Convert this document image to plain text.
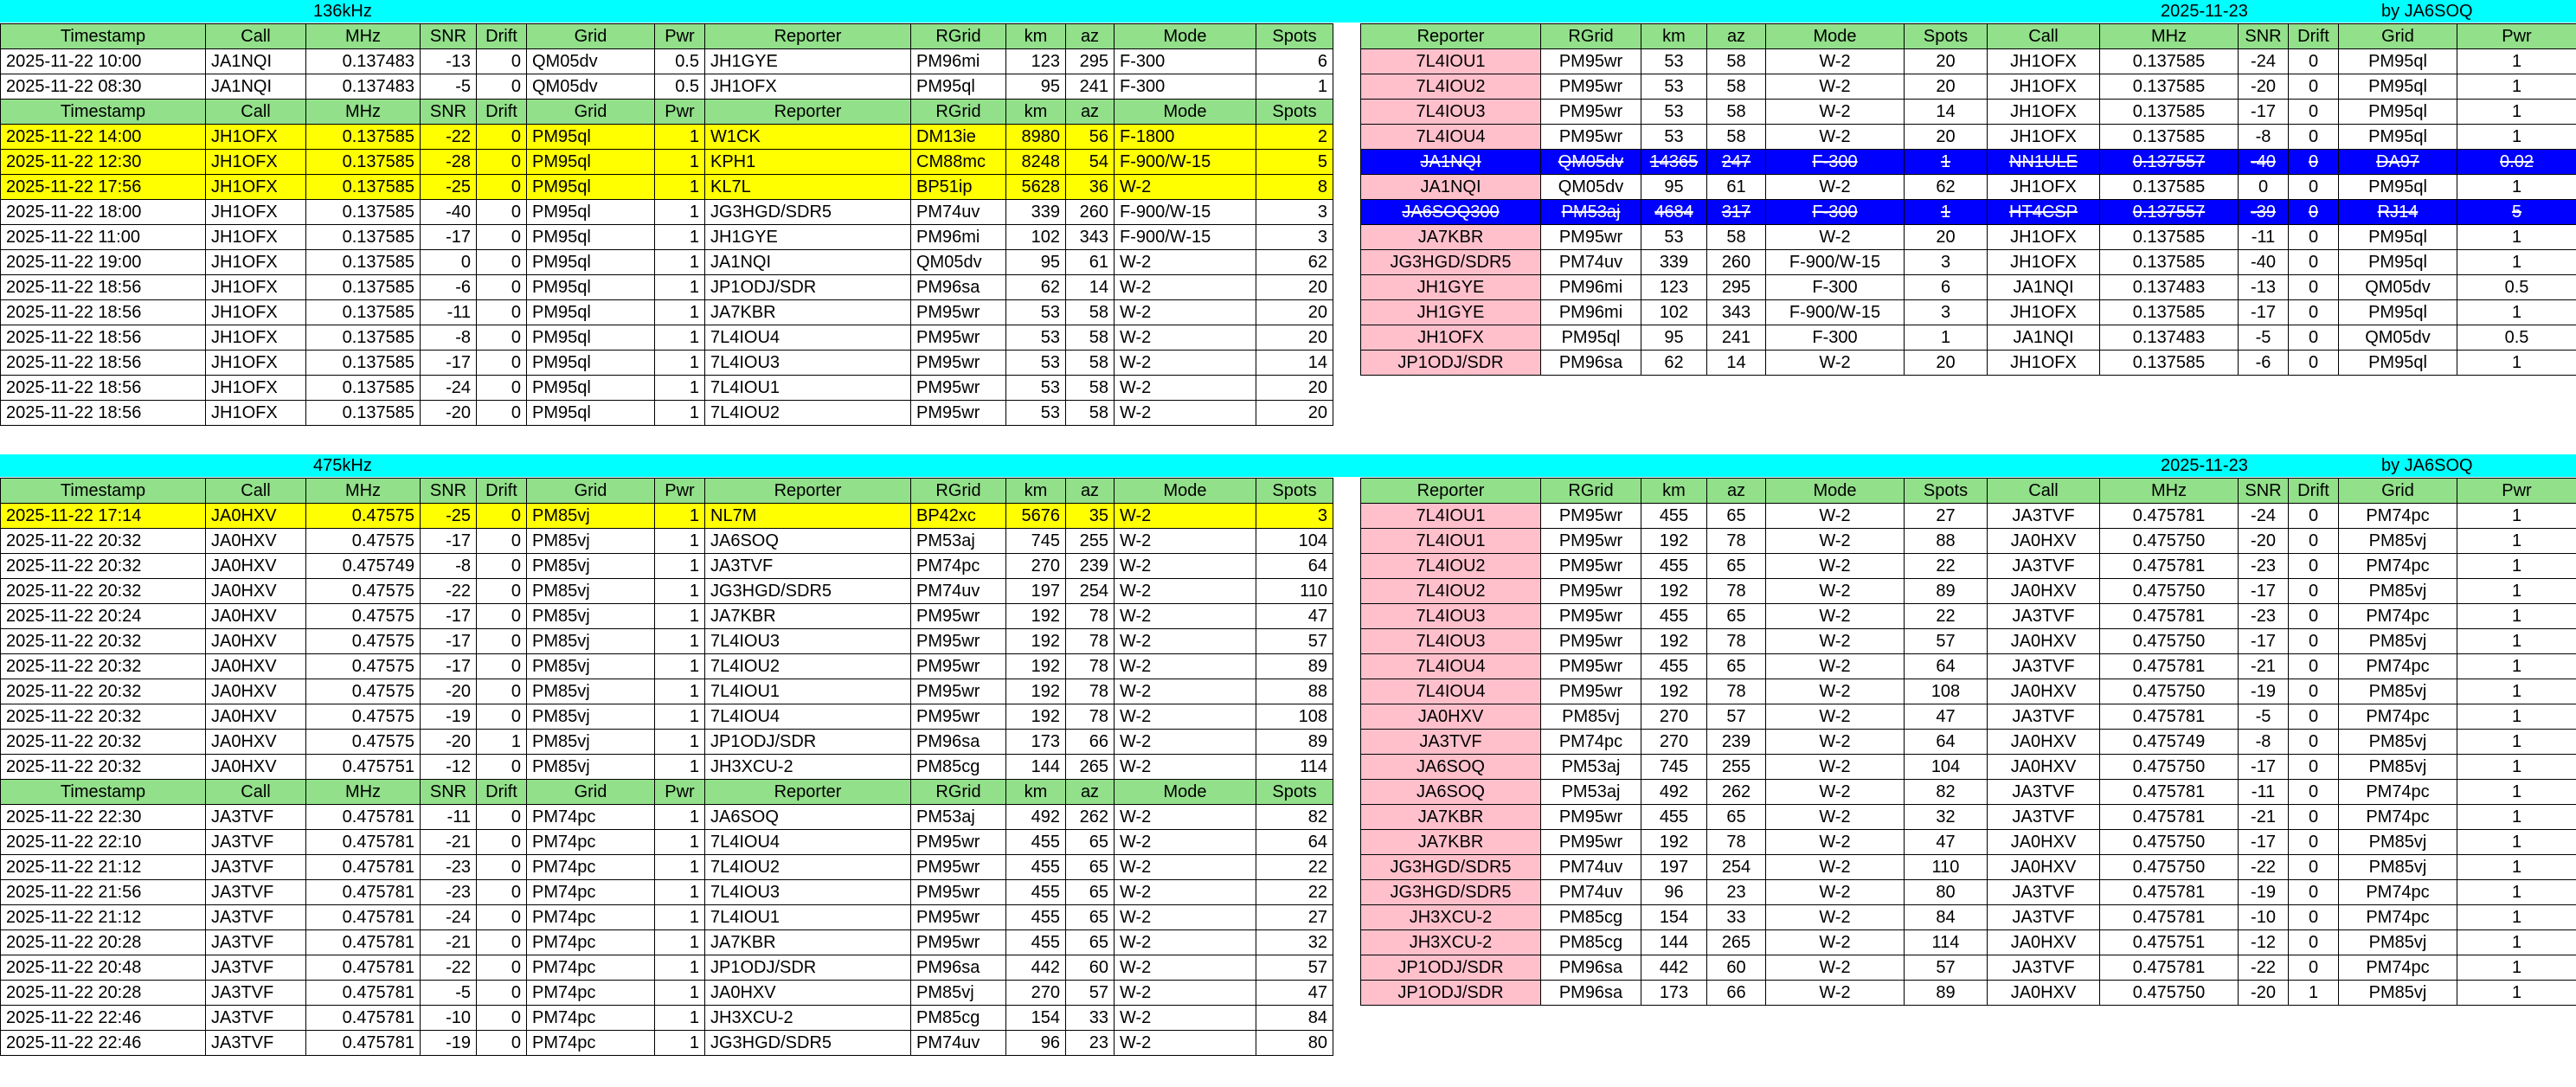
136kHz	2025-11-23	by JA6SOQ
Timestamp	Call	MHz	SNR	Drift	Grid	Pwr	Reporter	RGrid	km	az	Mode	Spots
2025-11-22 10:00	JA1NQI	0.137483	-13	0	QM05dv	0.5	JH1GYE	PM96mi	123	295	F-300	6
2025-11-22 08:30	JA1NQI	0.137483	-5	0	QM05dv	0.5	JH1OFX	PM95ql	95	241	F-300	1
Timestamp	Call	MHz	SNR	Drift	Grid	Pwr	Reporter	RGrid	km	az	Mode	Spots
2025-11-22 14:00	JH1OFX	0.137585	-22	0	PM95ql	1	W1CK	DM13ie	8980	56	F-1800	2
2025-11-22 12:30	JH1OFX	0.137585	-28	0	PM95ql	1	KPH1	CM88mc	8248	54	F-900/W-15	5
2025-11-22 17:56	JH1OFX	0.137585	-25	0	PM95ql	1	KL7L	BP51ip	5628	36	W-2	8
2025-11-22 18:00	JH1OFX	0.137585	-40	0	PM95ql	1	JG3HGD/SDR5	PM74uv	339	260	F-900/W-15	3
2025-11-22 11:00	JH1OFX	0.137585	-17	0	PM95ql	1	JH1GYE	PM96mi	102	343	F-900/W-15	3
2025-11-22 19:00	JH1OFX	0.137585	0	0	PM95ql	1	JA1NQI	QM05dv	95	61	W-2	62
2025-11-22 18:56	JH1OFX	0.137585	-6	0	PM95ql	1	JP1ODJ/SDR	PM96sa	62	14	W-2	20
2025-11-22 18:56	JH1OFX	0.137585	-11	0	PM95ql	1	JA7KBR	PM95wr	53	58	W-2	20
2025-11-22 18:56	JH1OFX	0.137585	-8	0	PM95ql	1	7L4IOU4	PM95wr	53	58	W-2	20
2025-11-22 18:56	JH1OFX	0.137585	-17	0	PM95ql	1	7L4IOU3	PM95wr	53	58	W-2	14
2025-11-22 18:56	JH1OFX	0.137585	-24	0	PM95ql	1	7L4IOU1	PM95wr	53	58	W-2	20
2025-11-22 18:56	JH1OFX	0.137585	-20	0	PM95ql	1	7L4IOU2	PM95wr	53	58	W-2	20
Reporter	RGrid	km	az	Mode	Spots	Call	MHz	SNR	Drift	Grid	Pwr
7L4IOU1	PM95wr	53	58	W-2	20	JH1OFX	0.137585	-24	0	PM95ql	1
7L4IOU2	PM95wr	53	58	W-2	20	JH1OFX	0.137585	-20	0	PM95ql	1
7L4IOU3	PM95wr	53	58	W-2	14	JH1OFX	0.137585	-17	0	PM95ql	1
7L4IOU4	PM95wr	53	58	W-2	20	JH1OFX	0.137585	-8	0	PM95ql	1
JA1NQI	QM05dv	14365	247	F-300	1	NN1ULE	0.137557	-40	0	DA97	0.02
JA1NQI	QM05dv	95	61	W-2	62	JH1OFX	0.137585	0	0	PM95ql	1
JA6SOQ300	PM53aj	4684	317	F-300	1	HT4CSP	0.137557	-39	0	RJ14	5
JA7KBR	PM95wr	53	58	W-2	20	JH1OFX	0.137585	-11	0	PM95ql	1
JG3HGD/SDR5	PM74uv	339	260	F-900/W-15	3	JH1OFX	0.137585	-40	0	PM95ql	1
JH1GYE	PM96mi	123	295	F-300	6	JA1NQI	0.137483	-13	0	QM05dv	0.5
JH1GYE	PM96mi	102	343	F-900/W-15	3	JH1OFX	0.137585	-17	0	PM95ql	1
JH1OFX	PM95ql	95	241	F-300	1	JA1NQI	0.137483	-5	0	QM05dv	0.5
JP1ODJ/SDR	PM96sa	62	14	W-2	20	JH1OFX	0.137585	-6	0	PM95ql	1
475kHz	2025-11-23	by JA6SOQ
Timestamp	Call	MHz	SNR	Drift	Grid	Pwr	Reporter	RGrid	km	az	Mode	Spots
2025-11-22 17:14	JA0HXV	0.47575	-25	0	PM85vj	1	NL7M	BP42xc	5676	35	W-2	3
2025-11-22 20:32	JA0HXV	0.47575	-17	0	PM85vj	1	JA6SOQ	PM53aj	745	255	W-2	104
2025-11-22 20:32	JA0HXV	0.475749	-8	0	PM85vj	1	JA3TVF	PM74pc	270	239	W-2	64
2025-11-22 20:32	JA0HXV	0.47575	-22	0	PM85vj	1	JG3HGD/SDR5	PM74uv	197	254	W-2	110
2025-11-22 20:24	JA0HXV	0.47575	-17	0	PM85vj	1	JA7KBR	PM95wr	192	78	W-2	47
2025-11-22 20:32	JA0HXV	0.47575	-17	0	PM85vj	1	7L4IOU3	PM95wr	192	78	W-2	57
2025-11-22 20:32	JA0HXV	0.47575	-17	0	PM85vj	1	7L4IOU2	PM95wr	192	78	W-2	89
2025-11-22 20:32	JA0HXV	0.47575	-20	0	PM85vj	1	7L4IOU1	PM95wr	192	78	W-2	88
2025-11-22 20:32	JA0HXV	0.47575	-19	0	PM85vj	1	7L4IOU4	PM95wr	192	78	W-2	108
2025-11-22 20:32	JA0HXV	0.47575	-20	1	PM85vj	1	JP1ODJ/SDR	PM96sa	173	66	W-2	89
2025-11-22 20:32	JA0HXV	0.475751	-12	0	PM85vj	1	JH3XCU-2	PM85cg	144	265	W-2	114
Timestamp	Call	MHz	SNR	Drift	Grid	Pwr	Reporter	RGrid	km	az	Mode	Spots
2025-11-22 22:30	JA3TVF	0.475781	-11	0	PM74pc	1	JA6SOQ	PM53aj	492	262	W-2	82
2025-11-22 22:10	JA3TVF	0.475781	-21	0	PM74pc	1	7L4IOU4	PM95wr	455	65	W-2	64
2025-11-22 21:12	JA3TVF	0.475781	-23	0	PM74pc	1	7L4IOU2	PM95wr	455	65	W-2	22
2025-11-22 21:56	JA3TVF	0.475781	-23	0	PM74pc	1	7L4IOU3	PM95wr	455	65	W-2	22
2025-11-22 21:12	JA3TVF	0.475781	-24	0	PM74pc	1	7L4IOU1	PM95wr	455	65	W-2	27
2025-11-22 20:28	JA3TVF	0.475781	-21	0	PM74pc	1	JA7KBR	PM95wr	455	65	W-2	32
2025-11-22 20:48	JA3TVF	0.475781	-22	0	PM74pc	1	JP1ODJ/SDR	PM96sa	442	60	W-2	57
2025-11-22 20:28	JA3TVF	0.475781	-5	0	PM74pc	1	JA0HXV	PM85vj	270	57	W-2	47
2025-11-22 22:46	JA3TVF	0.475781	-10	0	PM74pc	1	JH3XCU-2	PM85cg	154	33	W-2	84
2025-11-22 22:46	JA3TVF	0.475781	-19	0	PM74pc	1	JG3HGD/SDR5	PM74uv	96	23	W-2	80
Reporter	RGrid	km	az	Mode	Spots	Call	MHz	SNR	Drift	Grid	Pwr
7L4IOU1	PM95wr	455	65	W-2	27	JA3TVF	0.475781	-24	0	PM74pc	1
7L4IOU1	PM95wr	192	78	W-2	88	JA0HXV	0.475750	-20	0	PM85vj	1
7L4IOU2	PM95wr	455	65	W-2	22	JA3TVF	0.475781	-23	0	PM74pc	1
7L4IOU2	PM95wr	192	78	W-2	89	JA0HXV	0.475750	-17	0	PM85vj	1
7L4IOU3	PM95wr	455	65	W-2	22	JA3TVF	0.475781	-23	0	PM74pc	1
7L4IOU3	PM95wr	192	78	W-2	57	JA0HXV	0.475750	-17	0	PM85vj	1
7L4IOU4	PM95wr	455	65	W-2	64	JA3TVF	0.475781	-21	0	PM74pc	1
7L4IOU4	PM95wr	192	78	W-2	108	JA0HXV	0.475750	-19	0	PM85vj	1
JA0HXV	PM85vj	270	57	W-2	47	JA3TVF	0.475781	-5	0	PM74pc	1
JA3TVF	PM74pc	270	239	W-2	64	JA0HXV	0.475749	-8	0	PM85vj	1
JA6SOQ	PM53aj	745	255	W-2	104	JA0HXV	0.475750	-17	0	PM85vj	1
JA6SOQ	PM53aj	492	262	W-2	82	JA3TVF	0.475781	-11	0	PM74pc	1
JA7KBR	PM95wr	455	65	W-2	32	JA3TVF	0.475781	-21	0	PM74pc	1
JA7KBR	PM95wr	192	78	W-2	47	JA0HXV	0.475750	-17	0	PM85vj	1
JG3HGD/SDR5	PM74uv	197	254	W-2	110	JA0HXV	0.475750	-22	0	PM85vj	1
JG3HGD/SDR5	PM74uv	96	23	W-2	80	JA3TVF	0.475781	-19	0	PM74pc	1
JH3XCU-2	PM85cg	154	33	W-2	84	JA3TVF	0.475781	-10	0	PM74pc	1
JH3XCU-2	PM85cg	144	265	W-2	114	JA0HXV	0.475751	-12	0	PM85vj	1
JP1ODJ/SDR	PM96sa	442	60	W-2	57	JA3TVF	0.475781	-22	0	PM74pc	1
JP1ODJ/SDR	PM96sa	173	66	W-2	89	JA0HXV	0.475750	-20	1	PM85vj	1
